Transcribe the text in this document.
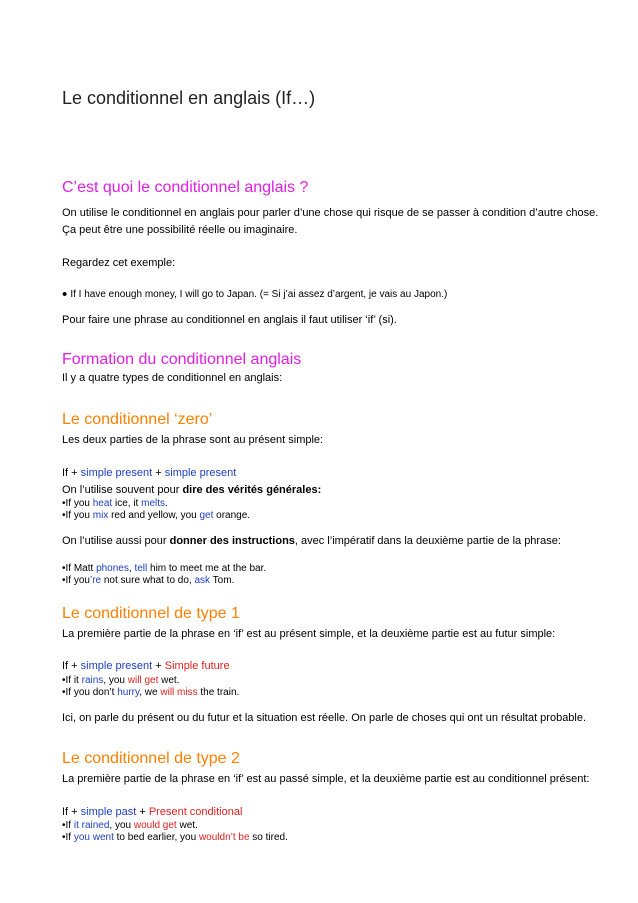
Le conditionnel en anglais (If…)
C’est quoi le conditionnel anglais ?
On utilise le conditionnel en anglais pour parler d’une chose qui risque de se passer à condition d’autre chose.
Ça peut être une possibilité réelle ou imaginaire.
Regardez cet exemple:
• If I have enough money, I will go to Japan. (= Si j’ai assez d’argent, je vais au Japon.)
Pour faire une phrase au conditionnel en anglais il faut utiliser ‘if’ (si).
Formation du conditionnel anglais
Il y a quatre types de conditionnel en anglais:
Le conditionnel ‘zero’
Les deux parties de la phrase sont au présent simple:
If + simple present + simple present
On l’utilise souvent pour dire des vérités générales:
•If you heat ice, it melts.
•If you mix red and yellow, you get orange.
On l’utilise aussi pour donner des instructions, avec l’impératif dans la deuxième partie de la phrase:
•If Matt phones, tell him to meet me at the bar.
•If you’re not sure what to do, ask Tom.
Le conditionnel de type 1
La première partie de la phrase en ‘if’ est au présent simple, et la deuxième partie est au futur simple:
If + simple present + Simple future
•If it rains, you will get wet.
•If you don’t hurry, we will miss the train.
Ici, on parle du présent ou du futur et la situation est réelle. On parle de choses qui ont un résultat probable.
Le conditionnel de type 2
La première partie de la phrase en ‘if’ est au passé simple, et la deuxième partie est au conditionnel présent:
If + simple past + Present conditional
•If it rained, you would get wet.
•If you went to bed earlier, you wouldn’t be so tired.
